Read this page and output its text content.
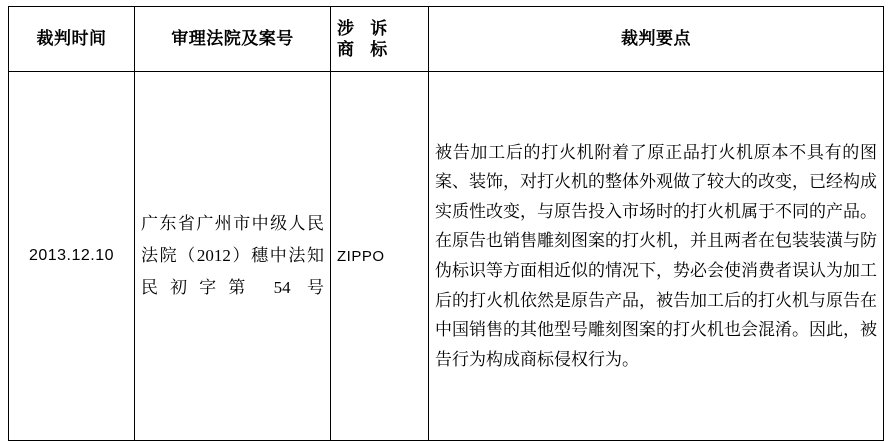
裁判时间	审理法院及案号	涉 诉 商 标	裁判要点
2013.12.10	广东省广州市中级人民法院（2012）穗中法知民初字第 54 号	ZIPPO	被告加工后的打火机附着了原正品打火机原本不具有的图案、装饰，对打火机的整体外观做了较大的改变，已经构成实质性改变，与原告投入市场时的打火机属于不同的产品。在原告也销售雕刻图案的打火机，并且两者在包装装潢与防伪标识等方面相近似的情况下，势必会使消费者误认为加工后的打火机依然是原告产品，被告加工后的打火机与原告在中国销售的其他型号雕刻图案的打火机也会混淆。因此，被告行为构成商标侵权行为。
